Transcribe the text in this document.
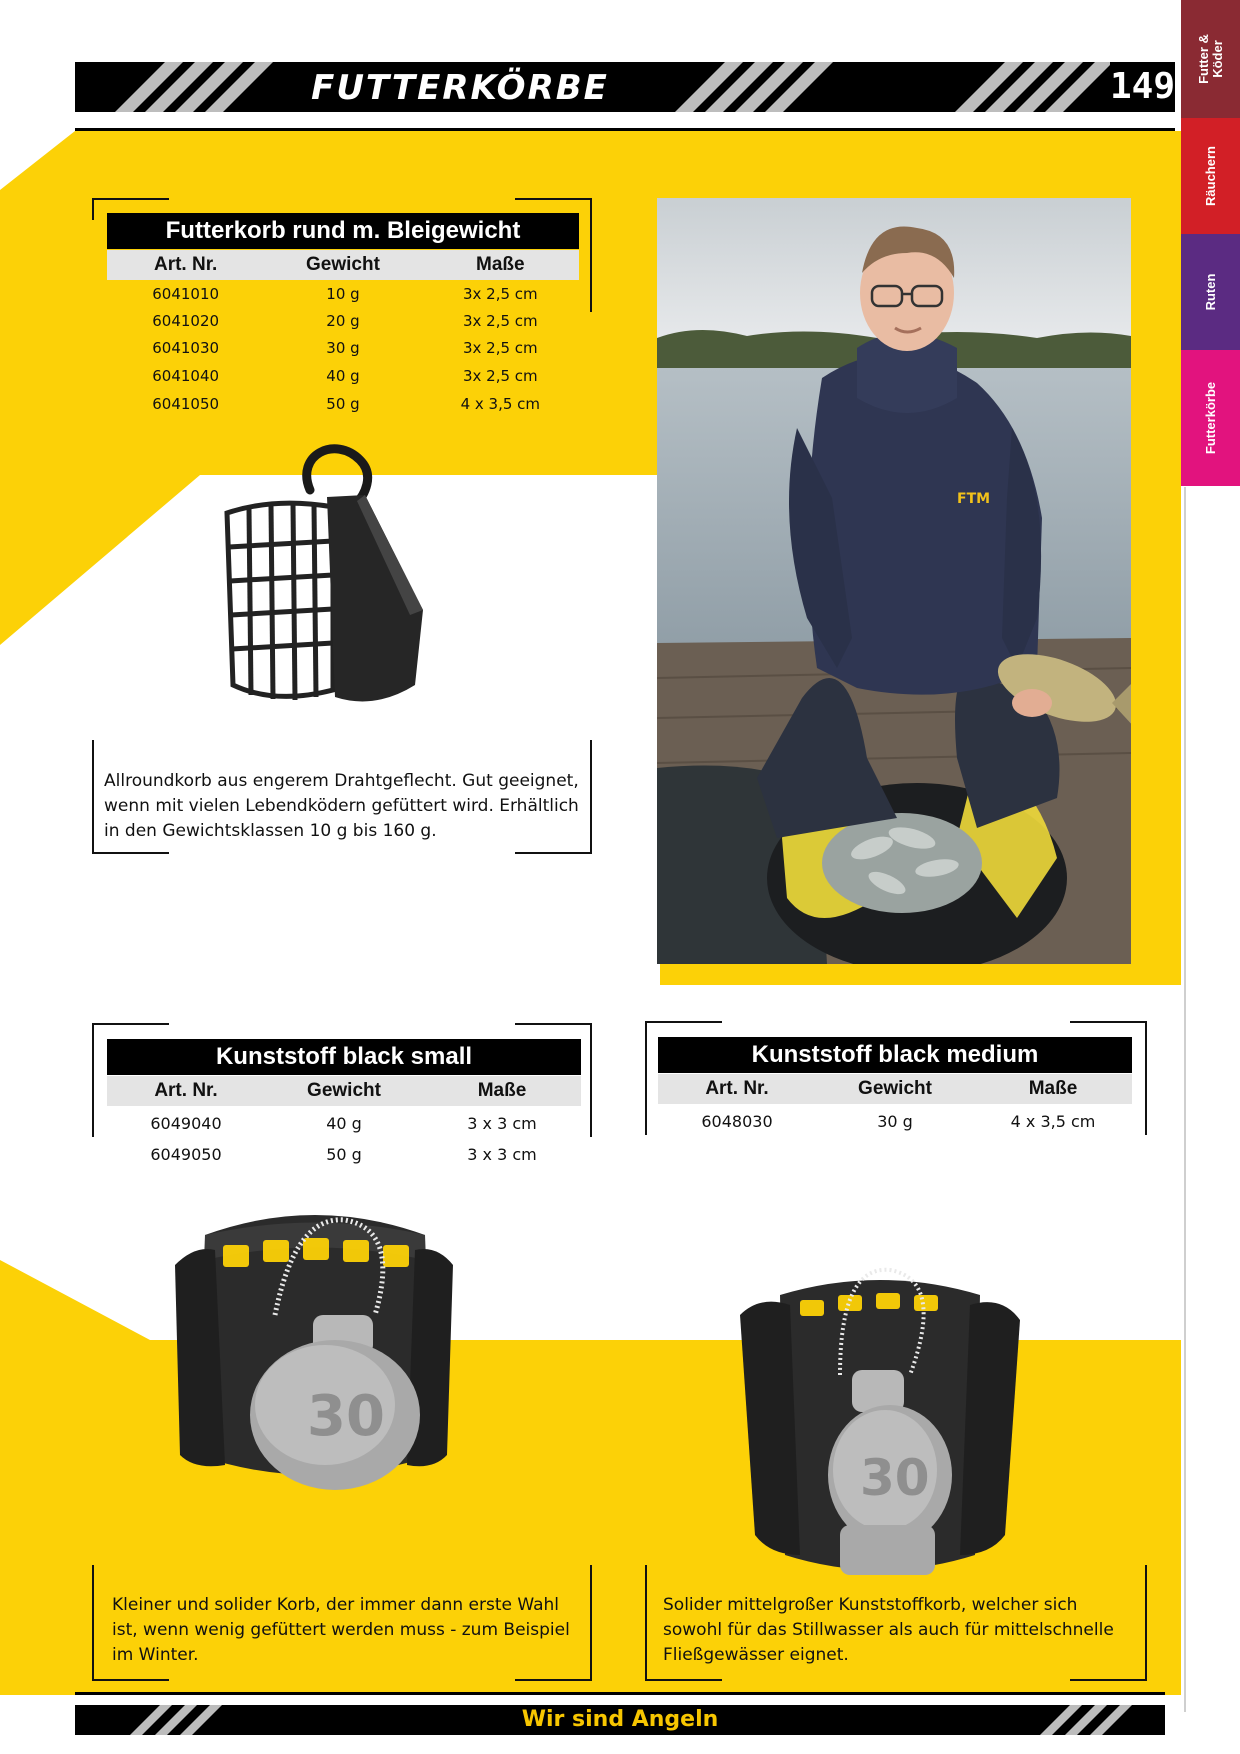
FUTTERKÖRBE	149
Futter & Köder
Räuchern
Ruten
Futterkörbe
Futterkorb rund m. Bleigewicht
Art. Nr.	Gewicht	Maße
6041010	10 g	3x 2,5 cm
6041020	20 g	3x 2,5 cm
6041030	30 g	3x 2,5 cm
6041040	40 g	3x 2,5 cm
6041050	50 g	4 x 3,5 cm
Allroundkorb aus engerem Drahtgeflecht. Gut geeignet,
wenn mit vielen Lebendködern gefüttert wird. Erhältlich
in den Gewichtsklassen 10 g bis 160 g.
FTM
Kunststoff black small
Art. Nr.	Gewicht	Maße
6049040	40 g	3 x 3 cm
6049050	50 g	3 x 3 cm
Kunststoff black medium
Art. Nr.	Gewicht	Maße
6048030	30 g	4 x 3,5 cm
30
30
Kleiner und solider Korb, der immer dann erste Wahl
ist, wenn wenig gefüttert werden muss - zum Beispiel
im Winter.
Solider mittelgroßer Kunststoffkorb, welcher sich
sowohl für das Stillwasser als auch für mittelschnelle
Fließgewässer eignet.
Wir sind Angeln
